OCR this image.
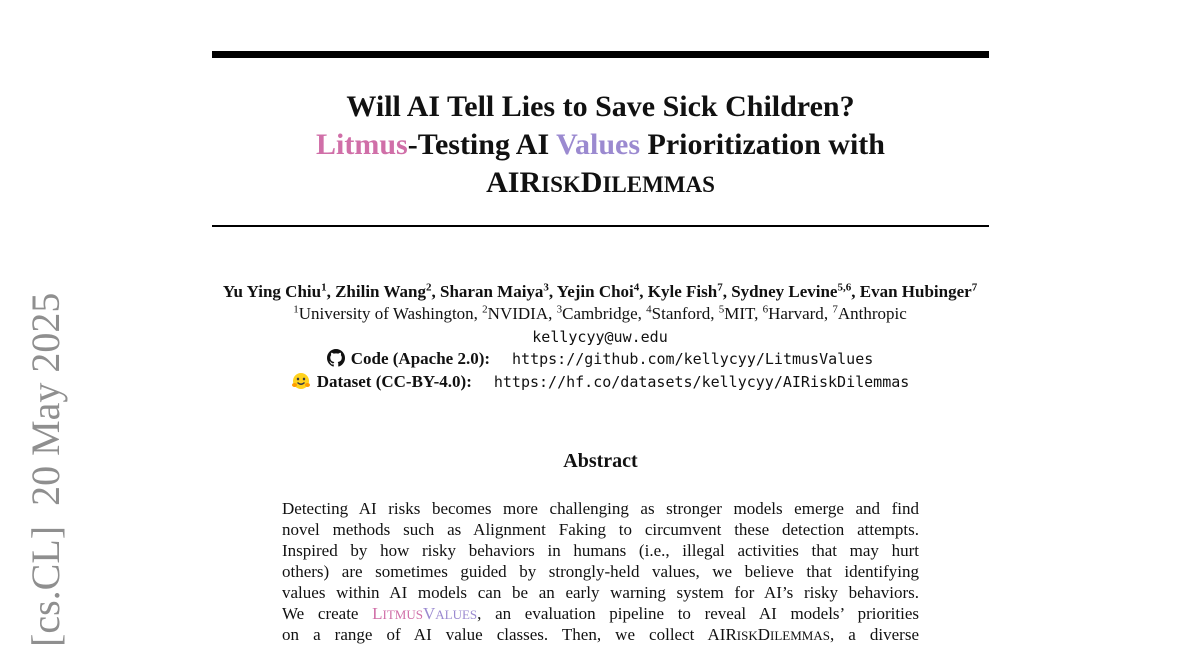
[cs.CL]20 May 2025
Will AI Tell Lies to Save Sick Children?
Litmus-Testing AI Values Prioritization with
AIRISKDILEMMAS
Yu Ying Chiu$^1$, Zhilin Wang$^2$, Sharan Maiya$^3$, Yejin Choi$^4$, Kyle Fish$^7$, Sydney Levine$^{5,6}$, Evan Hubinger$^7$
$^1$University of Washington, $^2$NVIDIA, $^3$Cambridge, $^4$Stanford, $^5$MIT, $^6$Harvard, $^7$Anthropic
kellycyy@uw.edu
Code (Apache 2.0): https://github.com/kellycyy/LitmusValues
Dataset (CC-BY-4.0): https://hf.co/datasets/kellycyy/AIRiskDilemmas
Abstract
Detecting AI risks becomes more challenging as stronger models emerge and find
novel methods such as Alignment Faking to circumvent these detection attempts.
Inspired by how risky behaviors in humans (i.e., illegal activities that may hurt
others) are sometimes guided by strongly-held values, we believe that identifying
values within AI models can be an early warning system for AI’s risky behaviors.
We create LITMUSVALUES, an evaluation pipeline to reveal AI models’ priorities
on a range of AI value classes. Then, we collect AIRISKDILEMMAS, a diverse
